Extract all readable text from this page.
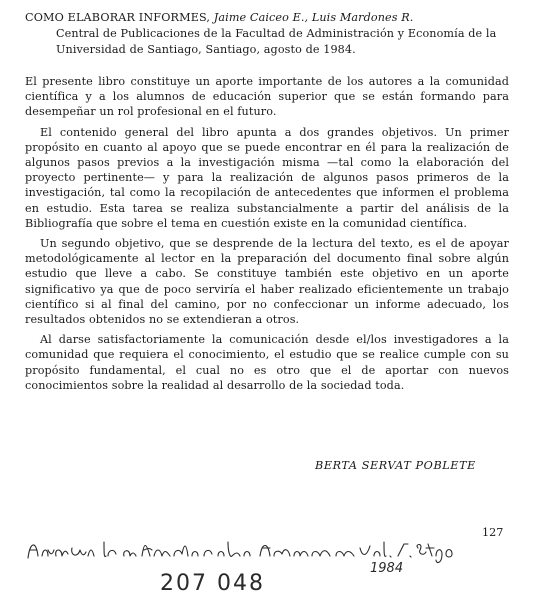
COMO ELABORAR INFORMES, Jaime Caiceo E., Luis Mardones R.
Central de Publicaciones de la Facultad de Administración y Economía de la Universidad de Santiago, Santiago, agosto de 1984.

El presente libro constituye un aporte importante de los autores a la comunidad científica y a los alumnos de educación superior que se están formando para desempeñar un rol profesional en el futuro.

El contenido general del libro apunta a dos grandes objetivos. Un primer propósito en cuanto al apoyo que se puede encontrar en él para la realización de algunos pasos previos a la investigación misma —tal como la elaboración del proyecto pertinente— y para la realización de algunos pasos primeros de la investigación, tal como la recopilación de antecedentes que informen el problema en estudio. Esta tarea se realiza substancialmente a partir del análisis de la Bibliografía que sobre el tema en cuestión existe en la comunidad científica.

Un segundo objetivo, que se desprende de la lectura del texto, es el de apoyar metodológicamente al lector en la preparación del documento final sobre algún estudio que lleve a cabo. Se constituye también este objetivo en un aporte significativo ya que de poco serviría el haber realizado eficientemente un trabajo científico si al final del camino, por no confeccionar un informe adecuado, los resultados obtenidos no se extendieran a otros.

Al darse satisfactoriamente la comunicación desde el/los investigadores a la comunidad que requiera el conocimiento, el estudio que se realice cumple con su propósito fundamental, el cual no es otro que el de aportar con nuevos conocimientos sobre la realidad al desarrollo de la sociedad toda.

BERTA SERVAT POBLETE
127
1984
207 048
